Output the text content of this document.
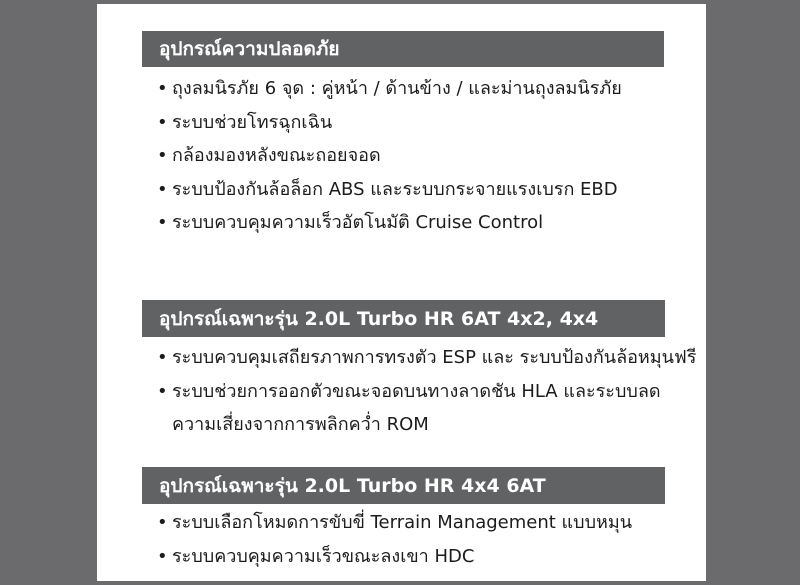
อุปกรณ์ความปลอดภัย
• ถุงลมนิรภัย 6 จุด : คู่หน้า / ด้านข้าง / และม่านถุงลมนิรภัย
• ระบบช่วยโทรฉุกเฉิน
• กล้องมองหลังขณะถอยจอด
• ระบบป้องกันล้อล็อก ABS และระบบกระจายแรงเบรก EBD
• ระบบควบคุมความเร็วอัตโนมัติ Cruise Control
อุปกรณ์เฉพาะรุ่น 2.0L Turbo HR 6AT 4x2, 4x4
• ระบบควบคุมเสถียรภาพการทรงตัว ESP และ ระบบป้องกันล้อหมุนฟรี
• ระบบช่วยการออกตัวขณะจอดบนทางลาดชัน HLA และระบบลดความเสี่ยงจากการพลิกคว่ำ ROM
อุปกรณ์เฉพาะรุ่น 2.0L Turbo HR 4x4 6AT
• ระบบเลือกโหมดการขับขี่ Terrain Management แบบหมุน
• ระบบควบคุมความเร็วขณะลงเขา HDC
